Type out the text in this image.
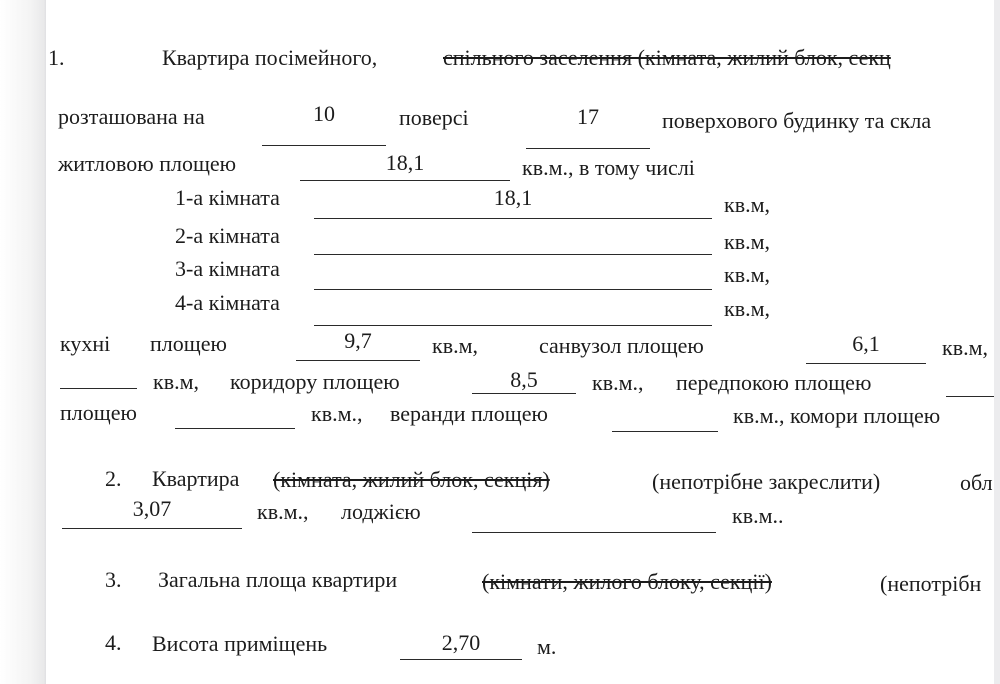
1.	Квартира посімейного,	спільного заселення (кімната, жилий блок, секц
розташована на	10	поверсі	17	поверхового будинку та скла
житловою площею	18,1	кв.м., в тому числі
1-а кімната	18,1	кв.м,
2-а кімната	кв.м,
3-а кімната	кв.м,
4-а кімната	кв.м,
кухні площею	9,7	кв.м,	санвузол площею	6,1	кв.м,
кв.м, коридору площею	8,5	кв.м., передпокою площею
площею	кв.м., веранди площею	кв.м., комори площею
2. Квартира (кімната, жилий блок, секція)	(непотрібне закреслити)	обл
3,07	кв.м., лоджією	кв.м..
3. Загальна площа квартири	(кімнати, жилого блоку, секції)	(непотрібн
4. Висота приміщень	2,70	м.
